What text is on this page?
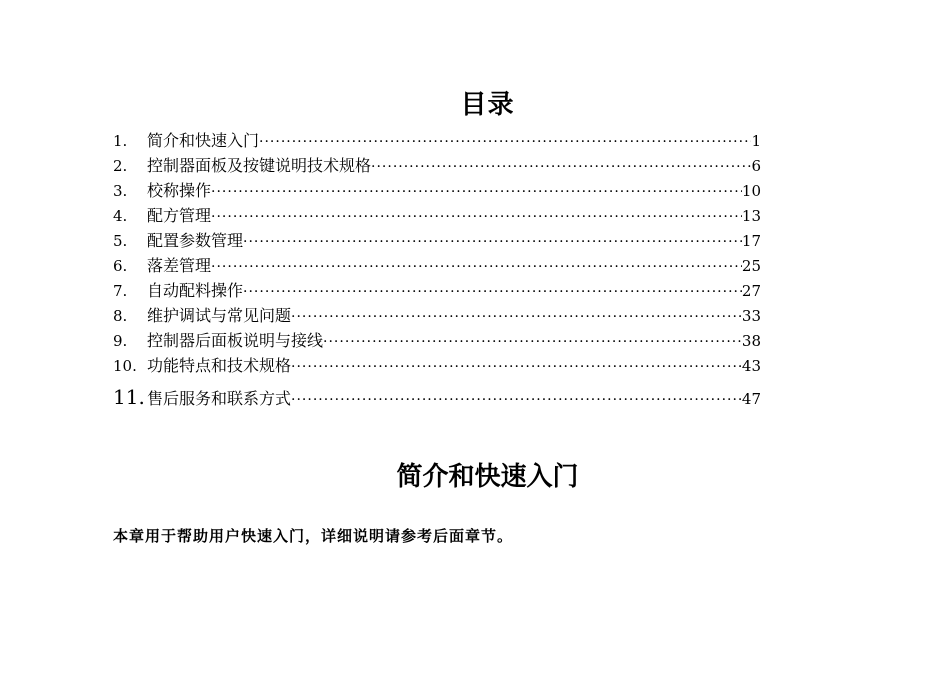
目录
1.	简介和快速入门 ·····	1
2.	控制器面板及按键说明技术规格 ·····	6
3.	校称操作 ·····	10
4.	配方管理 ·····	13
5.	配置参数管理 ·····	17
6.	落差管理 ·····	25
7.	自动配料操作 ·····	27
8.	维护调试与常见问题 ·····	33
9.	控制器后面板说明与接线 ·····	38
10. 功能特点和技术规格 ·····	43
11. 售后服务和联系方式 ·····	47
简介和快速入门
本章用于帮助用户快速入门，详细说明请参考后面章节。
